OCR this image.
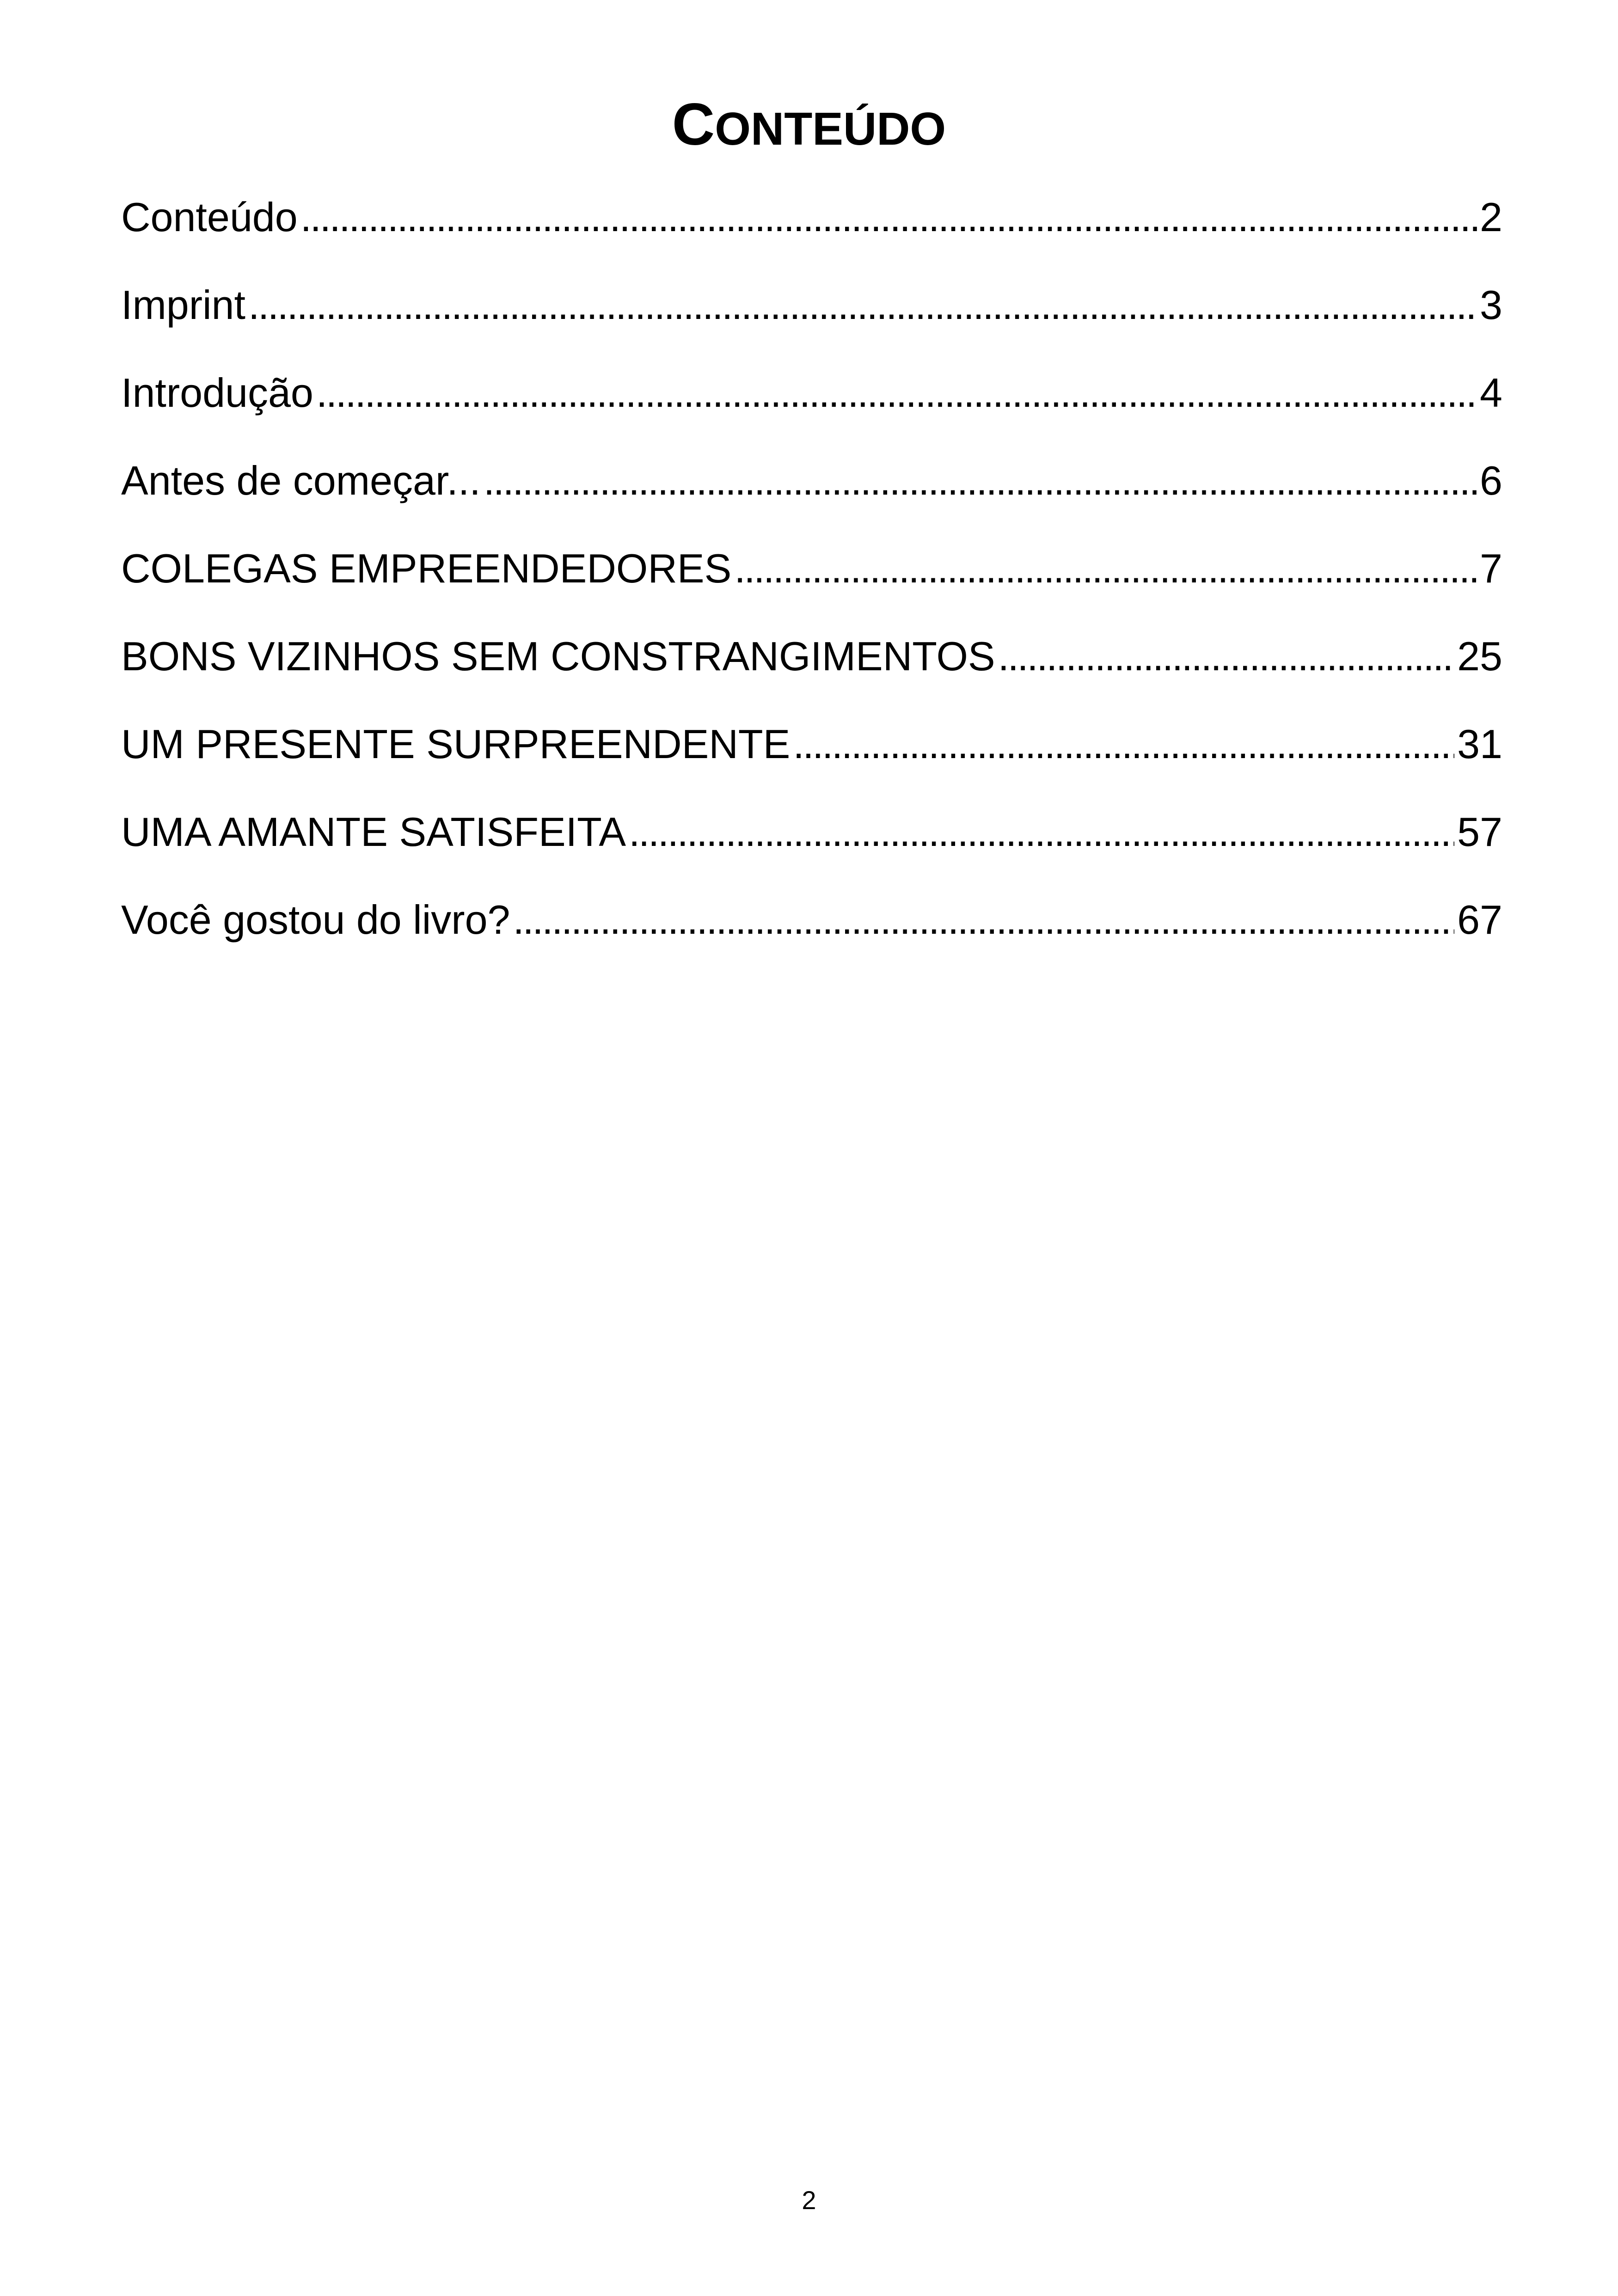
CONTEÚDO
Conteúdo . . .	2
Imprint . . .	3
Introdução . . .	4
Antes de começar... . . .	6
COLEGAS EMPREENDEDORES . . .	7
BONS VIZINHOS SEM CONSTRANGIMENTOS . . .	25
UM PRESENTE SURPREENDENTE . . .	31
UMA AMANTE SATISFEITA . . .	57
Você gostou do livro? . . .	67
2
